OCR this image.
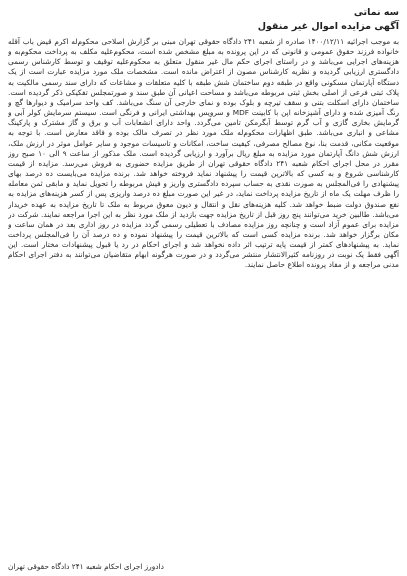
سه نماتی
آگهی مزایده اموال غیر منقول

به موجب اجرائیه ۱۴۰۰/۱۲/۱۱ صادره از شعبه ۲۴۱ دادگاه حقوقی تهران مبنی بر گزارش اصلاحی محکوم‌له اکرم قیض باب آقله خانواده فرزند حقوق عمومی و قانونی که در این پرونده به مبلغ مشخص شده است، محکوم‌علیه مکلف به پرداخت محکوم‌به و هزینه‌های اجرایی می‌باشد و در راستای اجرای حکم مال غیر منقول متعلق به محکوم‌علیه توقیف و توسط کارشناس رسمی دادگستری ارزیابی گردیده و نظریه کارشناس مصون از اعتراض مانده است. مشخصات ملک مورد مزایده عبارت است از یک دستگاه آپارتمان مسکونی واقع در طبقه دوم ساختمان شش طبقه با کلیه متعلقات و مشاعات که دارای سند رسمی مالکیت به پلاک ثبتی فرعی از اصلی بخش ثبتی مربوطه می‌باشد و مساحت اعیانی آن طبق سند و صورتمجلس تفکیکی ذکر گردیده است. ساختمان دارای اسکلت بتنی و سقف تیرچه و بلوک بوده و نمای خارجی آن سنگ می‌باشد. کف واحد سرامیک و دیوارها گچ و رنگ آمیزی شده و دارای آشپزخانه اپن با کابینت MDF و سرویس بهداشتی ایرانی و فرنگی است. سیستم سرمایش کولر آبی و گرمایش بخاری گازی و آب گرم توسط آبگرمکن تامین می‌گردد. واحد دارای انشعابات آب و برق و گاز مشترک و پارکینگ مشاعی و انباری می‌باشد. طبق اظهارات محکوم‌له ملک مورد نظر در تصرف مالک بوده و فاقد معارض است. با توجه به موقعیت مکانی، قدمت بنا، نوع مصالح مصرفی، کیفیت ساخت، امکانات و تاسیسات موجود و سایر عوامل موثر در ارزش ملک، ارزش شش دانگ آپارتمان مورد مزایده به مبلغ ریال برآورد و ارزیابی گردیده است. ملک مذکور از ساعت ۹ الی ۱۰ صبح روز مقرر در محل اجرای احکام شعبه ۲۴۱ دادگاه حقوقی تهران از طریق مزایده حضوری به فروش می‌رسد. مزایده از قیمت کارشناسی شروع و به کسی که بالاترین قیمت را پیشنهاد نماید فروخته خواهد شد. برنده مزایده می‌بایست ده درصد بهای پیشنهادی را فی‌المجلس به صورت نقدی به حساب سپرده دادگستری واریز و فیش مربوطه را تحویل نماید و مابقی ثمن معامله را ظرف مهلت یک ماه از تاریخ مزایده پرداخت نماید، در غیر این صورت مبلغ ده درصد واریزی پس از کسر هزینه‌های مزایده به نفع صندوق دولت ضبط خواهد شد. کلیه هزینه‌های نقل و انتقال و دیون معوق مربوط به ملک تا تاریخ مزایده به عهده خریدار می‌باشد. طالبین خرید می‌توانند پنج روز قبل از تاریخ مزایده جهت بازدید از ملک مورد نظر به این اجرا مراجعه نمایند. شرکت در مزایده برای عموم آزاد است و چنانچه روز مزایده مصادف با تعطیلی رسمی گردد مزایده در روز اداری بعد در همان ساعت و مکان برگزار خواهد شد. برنده مزایده کسی است که بالاترین قیمت را پیشنهاد نموده و ده درصد آن را فی‌المجلس پرداخت نماید. به پیشنهادهای کمتر از قیمت پایه ترتیب اثر داده نخواهد شد و اجرای احکام در رد یا قبول پیشنهادات مختار است. این آگهی فقط یک نوبت در روزنامه کثیرالانتشار منتشر می‌گردد و در صورت هرگونه ابهام متقاضیان می‌توانند به دفتر اجرای احکام مدنی مراجعه و از مفاد پرونده اطلاع حاصل نمایند.

دادورز اجرای احکام شعبه ۲۴۱ دادگاه حقوقی تهران
